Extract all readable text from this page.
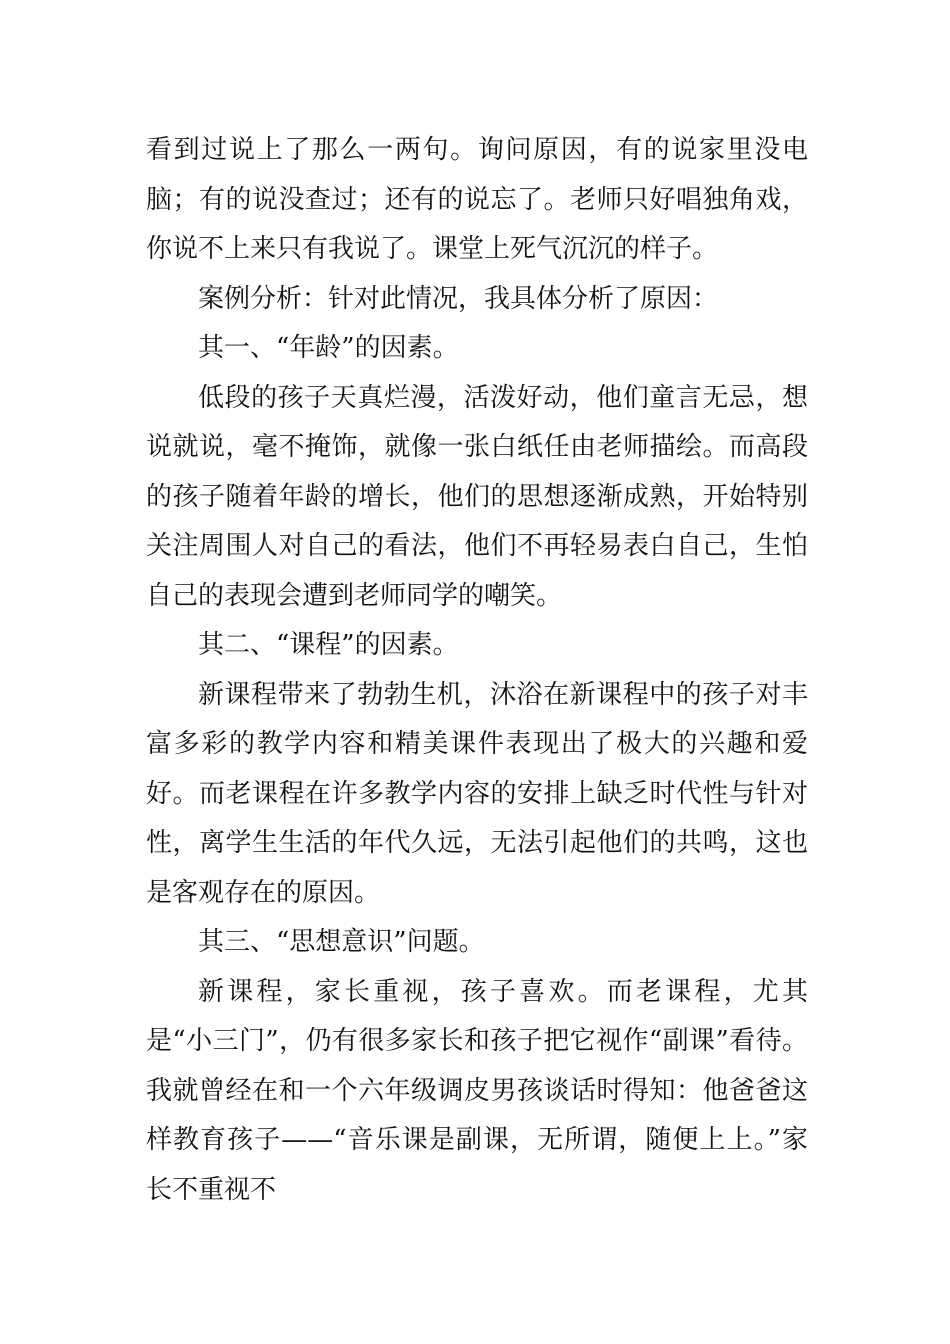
看到过说上了那么一两句。询问原因，有的说家里没电脑；有的说没查过；还有的说忘了。老师只好唱独角戏，你说不上来只有我说了。课堂上死气沉沉的样子。

案例分析：针对此情况，我具体分析了原因：

其一、“年龄”的因素。

低段的孩子天真烂漫，活泼好动，他们童言无忌，想说就说，毫不掩饰，就像一张白纸任由老师描绘。而高段的孩子随着年龄的增长，他们的思想逐渐成熟，开始特别关注周围人对自己的看法，他们不再轻易表白自己，生怕自己的表现会遭到老师同学的嘲笑。

其二、“课程”的因素。

新课程带来了勃勃生机，沐浴在新课程中的孩子对丰富多彩的教学内容和精美课件表现出了极大的兴趣和爱好。而老课程在许多教学内容的安排上缺乏时代性与针对性，离学生生活的年代久远，无法引起他们的共鸣，这也是客观存在的原因。

其三、“思想意识”问题。

新课程，家长重视，孩子喜欢。而老课程，尤其是“小三门”，仍有很多家长和孩子把它视作“副课”看待。我就曾经在和一个六年级调皮男孩谈话时得知：他爸爸这样教育孩子——“音乐课是副课，无所谓，随便上上。”家长不重视不
